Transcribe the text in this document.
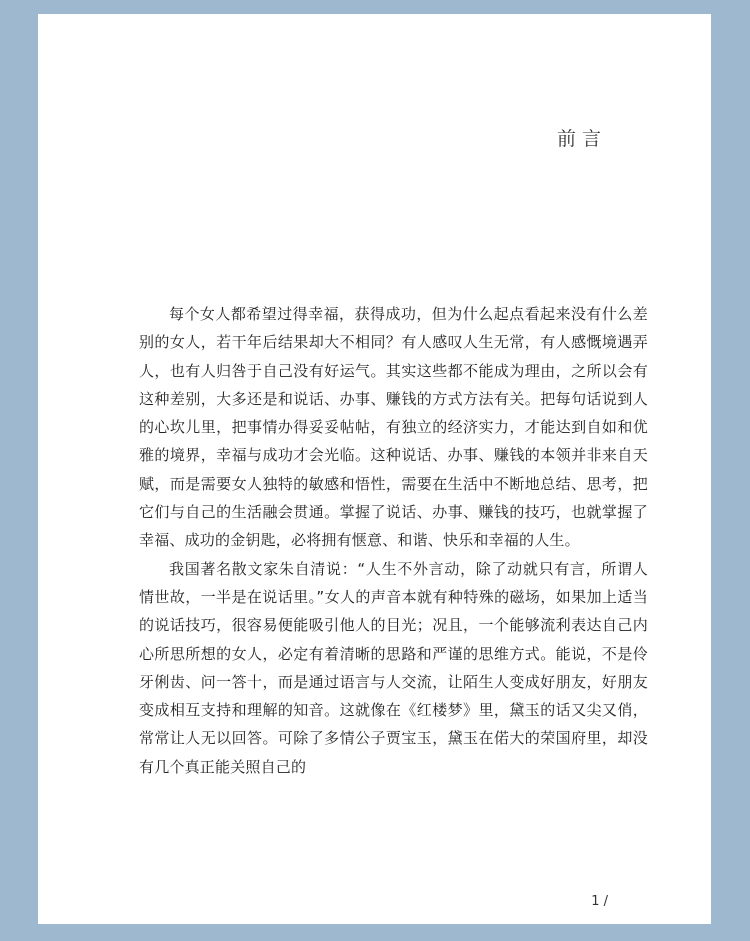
前言

每个女人都希望过得幸福，获得成功，但为什么起点看起来没有什么差别的女人，若干年后结果却大不相同？有人感叹人生无常，有人感慨境遇弄人，也有人归咎于自己没有好运气。其实这些都不能成为理由，之所以会有这种差别，大多还是和说话、办事、赚钱的方式方法有关。把每句话说到人的心坎儿里，把事情办得妥妥帖帖，有独立的经济实力，才能达到自如和优雅的境界，幸福与成功才会光临。这种说话、办事、赚钱的本领并非来自天赋，而是需要女人独特的敏感和悟性，需要在生活中不断地总结、思考，把它们与自己的生活融会贯通。掌握了说话、办事、赚钱的技巧，也就掌握了幸福、成功的金钥匙，必将拥有惬意、和谐、快乐和幸福的人生。

我国著名散文家朱自清说：“人生不外言动，除了动就只有言，所谓人情世故，一半是在说话里。”女人的声音本就有种特殊的磁场，如果加上适当的说话技巧，很容易便能吸引他人的目光；况且，一个能够流利表达自己内心所思所想的女人，必定有着清晰的思路和严谨的思维方式。能说，不是伶牙俐齿、问一答十，而是通过语言与人交流，让陌生人变成好朋友，好朋友变成相互支持和理解的知音。这就像在《红楼梦》里，黛玉的话又尖又俏，常常让人无以回答。可除了多情公子贾宝玉，黛玉在偌大的荣国府里，却没有几个真正能关照自己的

1 /
